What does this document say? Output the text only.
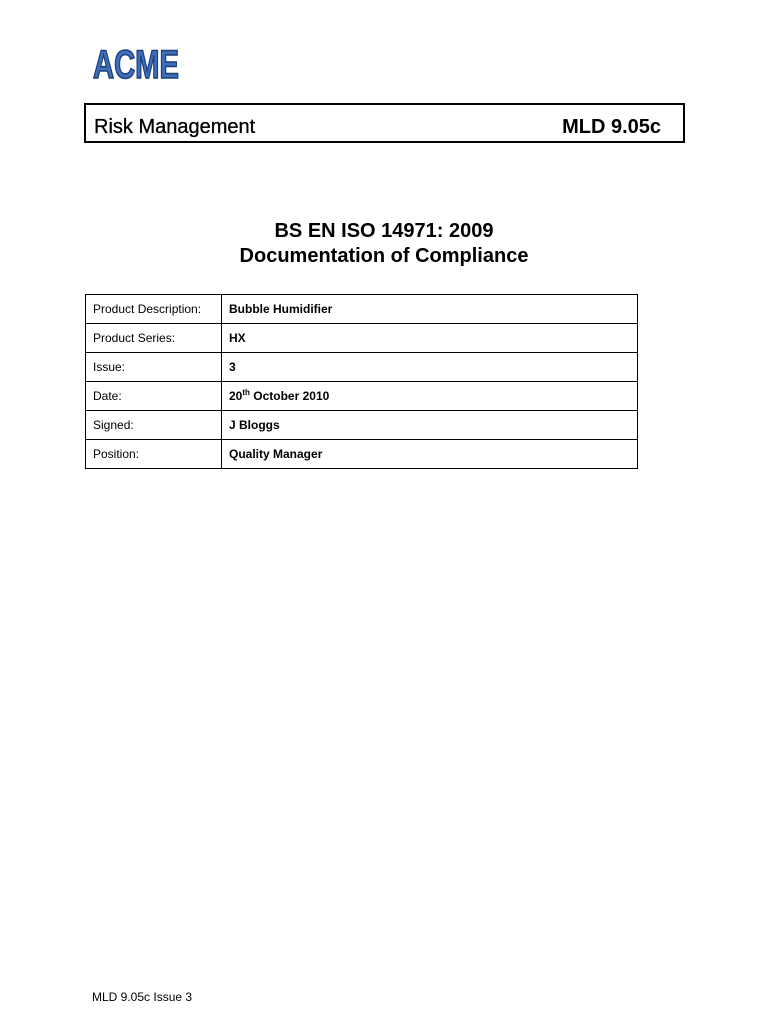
ACME
Risk Management	MLD 9.05c
BS EN ISO 14971: 2009
Documentation of Compliance
Product Description:	Bubble Humidifier
Product Series:	HX
Issue:	3
Date:	20th October 2010
Signed:	J Bloggs
Position:	Quality Manager
MLD 9.05c Issue 3
